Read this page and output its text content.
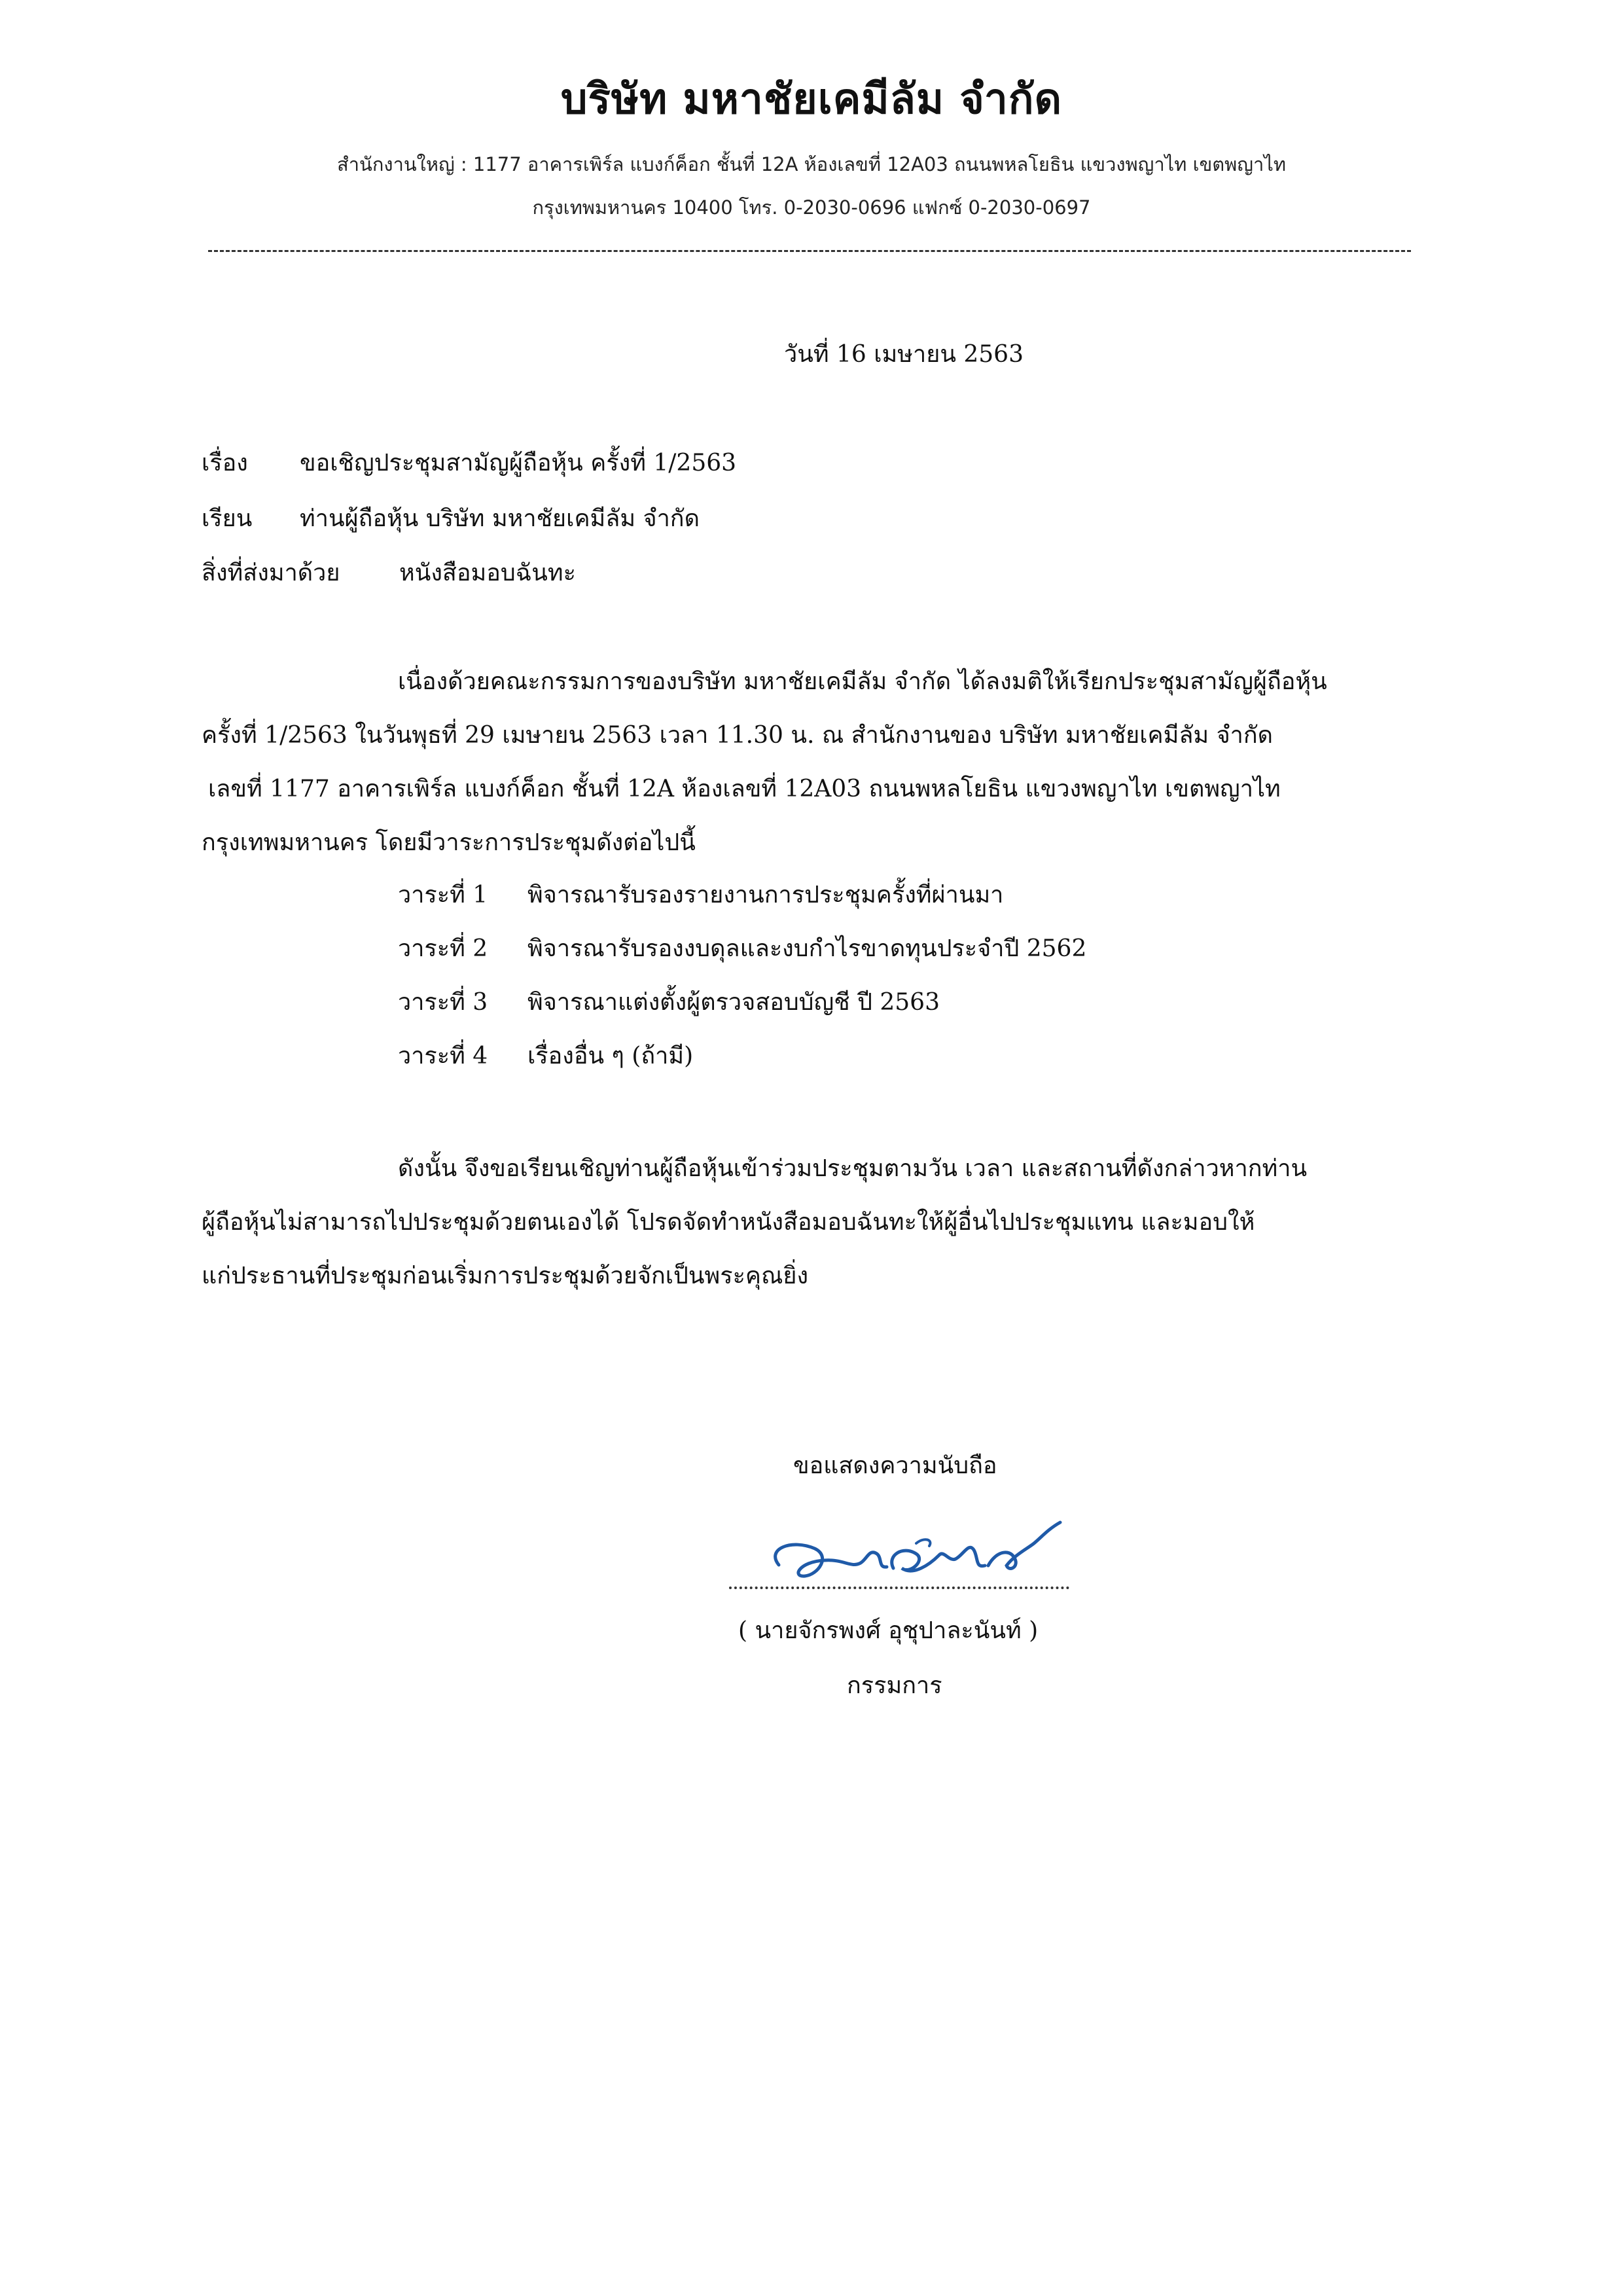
บริษัท มหาชัยเคมีลัม จำกัด
สำนักงานใหญ่ : 1177 อาคารเพิร์ล แบงก์ค็อก ชั้นที่ 12A ห้องเลขที่ 12A03 ถนนพหลโยธิน แขวงพญาไท เขตพญาไท
กรุงเทพมหานคร 10400 โทร. 0-2030-0696 แฟกซ์ 0-2030-0697
วันที่ 16 เมษายน 2563
เรื่อง ขอเชิญประชุมสามัญผู้ถือหุ้น ครั้งที่ 1/2563
เรียน ท่านผู้ถือหุ้น บริษัท มหาชัยเคมีลัม จำกัด
สิ่งที่ส่งมาด้วย	หนังสือมอบฉันทะ
เนื่องด้วยคณะกรรมการของบริษัท มหาชัยเคมีลัม จำกัด ได้ลงมติให้เรียกประชุมสามัญผู้ถือหุ้น
ครั้งที่ 1/2563 ในวันพุธที่ 29 เมษายน 2563 เวลา 11.30 น. ณ สำนักงานของ บริษัท มหาชัยเคมีลัม จำกัด
เลขที่ 1177 อาคารเพิร์ล แบงก์ค็อก ชั้นที่ 12A ห้องเลขที่ 12A03 ถนนพหลโยธิน แขวงพญาไท เขตพญาไท
กรุงเทพมหานคร โดยมีวาระการประชุมดังต่อไปนี้
วาระที่ 1 พิจารณารับรองรายงานการประชุมครั้งที่ผ่านมา
วาระที่ 2 พิจารณารับรองงบดุลและงบกำไรขาดทุนประจำปี 2562
วาระที่ 3 พิจารณาแต่งตั้งผู้ตรวจสอบบัญชี ปี 2563
วาระที่ 4 เรื่องอื่น ๆ (ถ้ามี)
ดังนั้น จึงขอเรียนเชิญท่านผู้ถือหุ้นเข้าร่วมประชุมตามวัน เวลา และสถานที่ดังกล่าวหากท่าน
ผู้ถือหุ้นไม่สามารถไปประชุมด้วยตนเองได้ โปรดจัดทำหนังสือมอบฉันทะให้ผู้อื่นไปประชุมแทน และมอบให้
แก่ประธานที่ประชุมก่อนเริ่มการประชุมด้วยจักเป็นพระคุณยิ่ง
ขอแสดงความนับถือ
( นายจักรพงศ์ อุชุปาละนันท์ )
กรรมการ
